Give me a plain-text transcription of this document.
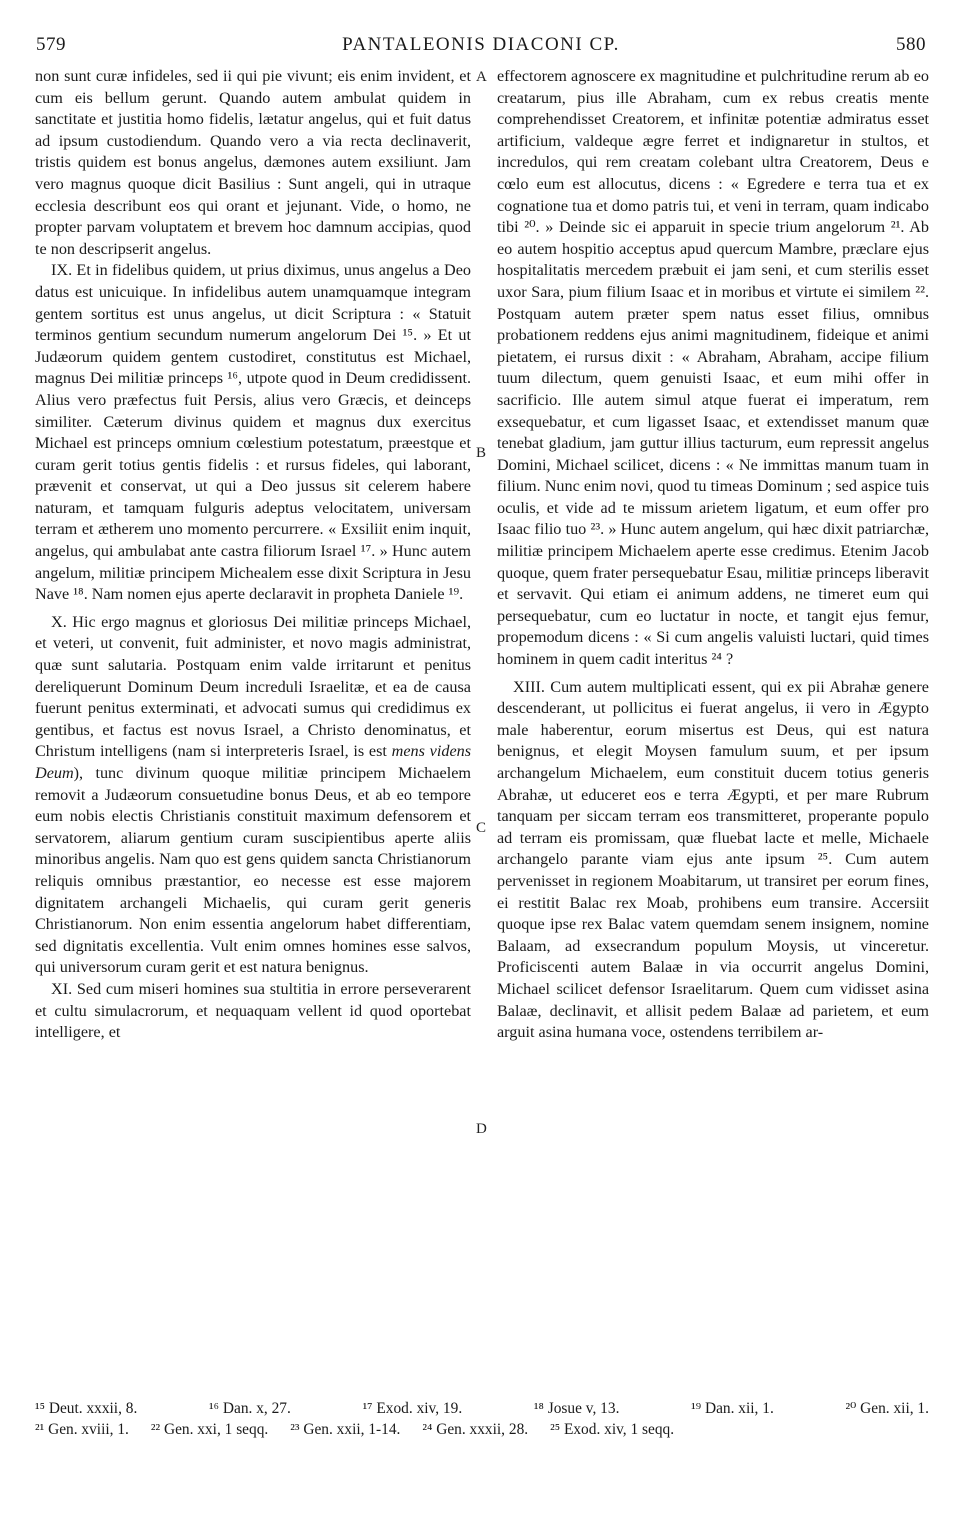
579	PANTALEONIS DIACONI CP.	580

non sunt curæ infideles, sed ii qui pie vivunt; eis enim invident, et cum eis bellum gerunt. Quando autem ambulat quidem in sanctitate et justitia homo fidelis, lætatur angelus, qui et fuit datus ad ipsum custodiendum. Quando vero a via recta declinaverit, tristis quidem est bonus angelus, dæmones autem exsiliunt. Jam vero magnus quoque dicit Basilius : Sunt angeli, qui in utraque ecclesia describunt eos qui orant et jejunant. Vide, o homo, ne propter parvam voluptatem et brevem hoc damnum accipias, quod te non descripserit angelus.

IX. Et in fidelibus quidem, ut prius diximus, unus angelus a Deo datus est unicuique. In infidelibus autem unamquamque integram gentem sortitus est unus angelus, ut dicit Scriptura : « Statuit terminos gentium secundum numerum angelorum Dei ¹⁵. » Et ut Judæorum quidem gentem custodiret, constitutus est Michael, magnus Dei militiæ princeps ¹⁶, utpote quod in Deum credidissent. Alius vero præfectus fuit Persis, alius vero Græcis, et deinceps similiter. Cæterum divinus quidem et magnus dux exercitus Michael est princeps omnium cœlestium potestatum, præestque et curam gerit totius gentis fidelis : et rursus fideles, qui laborant, prævenit et conservat, ut qui a Deo jussus sit celerem habere naturam, et tamquam fulguris adeptus velocitatem, universam terram et ætherem uno momento percurrere. « Exsiliit enim inquit, angelus, qui ambulabat ante castra filiorum Israel ¹⁷. » Hunc autem angelum, militiæ principem Michealem esse dixit Scriptura in Jesu Nave ¹⁸. Nam nomen ejus aperte declaravit in propheta Daniele ¹⁹.

X. Hic ergo magnus et gloriosus Dei militiæ princeps Michael, et veteri, ut convenit, fuit administer, et novo magis administrat, quæ sunt salutaria. Postquam enim valde irritarunt et penitus dereliquerunt Dominum Deum increduli Israelitæ, et ea de causa fuerunt penitus exterminati, et advocati sumus qui credidimus ex gentibus, et factus est novus Israel, a Christo denominatus, et Christum intelligens (nam si interpreteris Israel, is est mens videns Deum), tunc divinum quoque militiæ principem Michaelem removit a Judæorum consuetudine bonus Deus, et ab eo tempore eum nobis electis Christianis constituit maximum defensorem et servatorem, aliarum gentium curam suscipientibus aperte aliis minoribus angelis. Nam quo est gens quidem sancta Christianorum reliquis omnibus præstantior, eo necesse est esse majorem dignitatem archangeli Michaelis, qui curam gerit generis Christianorum. Non enim essentia angelorum habet differentiam, sed dignitatis excellentia. Vult enim omnes homines esse salvos, qui universorum curam gerit et est natura benignus.

XI. Sed cum miseri homines sua stultitia in errore perseverarent et cultu simulacrorum, et nequaquam vellent id quod oportebat intelligere, et

effectorem agnoscere ex magnitudine et pulchritudine rerum ab eo creatarum, pius ille Abraham, cum ex rebus creatis mente comprehendisset Creatorem, et infinitæ potentiæ admiratus esset artificium, valdeque ægre ferret et indignaretur in stultos, et incredulos, qui rem creatam colebant ultra Creatorem, Deus e cœlo eum est allocutus, dicens : « Egredere e terra tua et ex cognatione tua et domo patris tui, et veni in terram, quam indicabo tibi ²⁰. » Deinde sic ei apparuit in specie trium angelorum ²¹. Ab eo autem hospitio acceptus apud quercum Mambre, præclare ejus hospitalitatis mercedem præbuit ei jam seni, et cum sterilis esset uxor Sara, pium filium Isaac et in moribus et virtute ei similem ²². Postquam autem præter spem natus esset filius, omnibus probationem reddens ejus animi magnitudinem, fideique et animi pietatem, ei rursus dixit : « Abraham, Abraham, accipe filium tuum dilectum, quem genuisti Isaac, et eum mihi offer in sacrificio. Ille autem simul atque fuerat ei imperatum, rem exsequebatur, et cum ligasset Isaac, et extendisset manum quæ tenebat gladium, jam guttur illius tacturum, eum repressit angelus Domini, Michael scilicet, dicens : « Ne immittas manum tuam in filium. Nunc enim novi, quod tu timeas Dominum ; sed aspice tuis oculis, et vide ad te missum arietem ligatum, et eum offer pro Isaac filio tuo ²³. » Hunc autem angelum, qui hæc dixit patriarchæ, militiæ principem Michaelem aperte esse credimus. Etenim Jacob quoque, quem frater persequebatur Esau, militiæ princeps liberavit et servavit. Qui etiam ei animum addens, ne timeret eum qui persequebatur, cum eo luctatur in nocte, et tangit ejus femur, propemodum dicens : « Si cum angelis valuisti luctari, quid times hominem in quem cadit interitus ²⁴ ?

XIII. Cum autem multiplicati essent, qui ex pii Abrahæ genere descenderant, ut pollicitus ei fuerat angelus, ii vero in Ægypto male haberentur, eorum misertus est Deus, qui est natura benignus, et elegit Moysen famulum suum, et per ipsum archangelum Michaelem, eum constituit ducem totius generis Abrahæ, ut educeret eos e terra Ægypti, et per mare Rubrum tanquam per siccam terram eos transmitteret, properante populo ad terram eis promissam, quæ fluebat lacte et melle, Michaele archangelo parante viam ejus ante ipsum ²⁵. Cum autem pervenisset in regionem Moabitarum, ut transiret per eorum fines, ei restitit Balac rex Moab, prohibens eum transire. Accersiit quoque ipse rex Balac vatem quemdam senem insignem, nomine Balaam, ad exsecrandum populum Moysis, ut vinceretur. Proficiscenti autem Balaæ in via occurrit angelus Domini, Michael scilicet defensor Israelitarum. Quem cum vidisset asina Balaæ, declinavit, et allisit pedem Balaæ ad parietem, et eum arguit asina humana voce, ostendens terribilem ar-

A
B
C
D
¹⁵ Deut. xxxii, 8.	¹⁶ Dan. x, 27.	¹⁷ Exod. xiv, 19.	¹⁸ Josue v, 13.	¹⁹ Dan. xii, 1.	²⁰ Gen. xii, 1.
²¹ Gen. xviii, 1. ²² Gen. xxi, 1 seqq. ²³ Gen. xxii, 1-14. ²⁴ Gen. xxxii, 28. ²⁵ Exod. xiv, 1 seqq.
